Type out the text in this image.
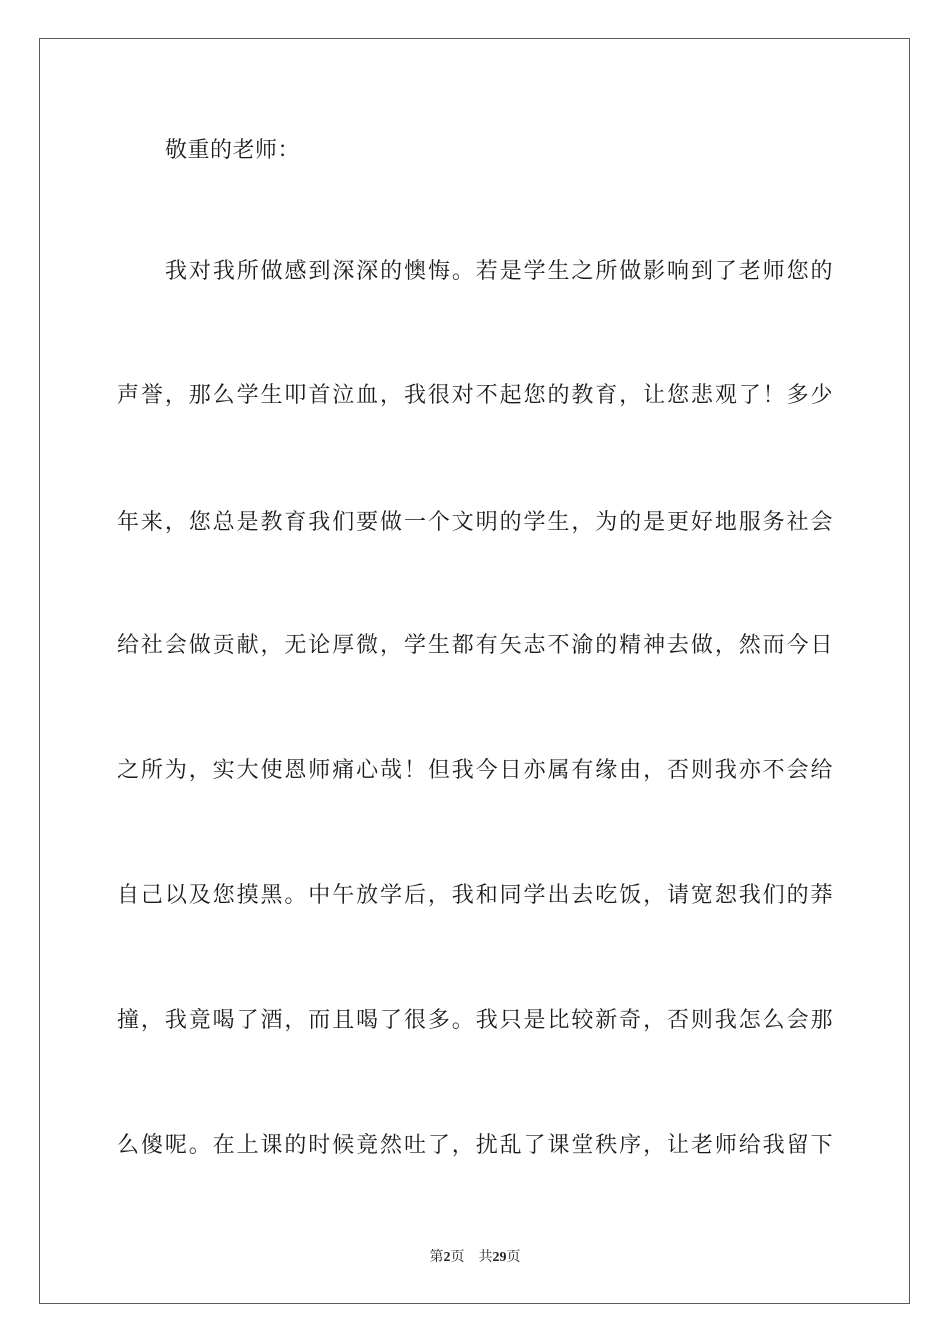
敬重的老师：
我对我所做感到深深的懊悔。若是学生之所做影响到了老师您的
声誉，那么学生叩首泣血，我很对不起您的教育，让您悲观了！多少
年来，您总是教育我们要做一个文明的学生，为的是更好地服务社会
给社会做贡献，无论厚微，学生都有矢志不渝的精神去做，然而今日
之所为，实大使恩师痛心哉！但我今日亦属有缘由，否则我亦不会给
自己以及您摸黑。中午放学后，我和同学出去吃饭，请宽恕我们的莽
撞，我竟喝了酒，而且喝了很多。我只是比较新奇，否则我怎么会那
么傻呢。在上课的时候竟然吐了，扰乱了课堂秩序，让老师给我留下
第2页 共29页
